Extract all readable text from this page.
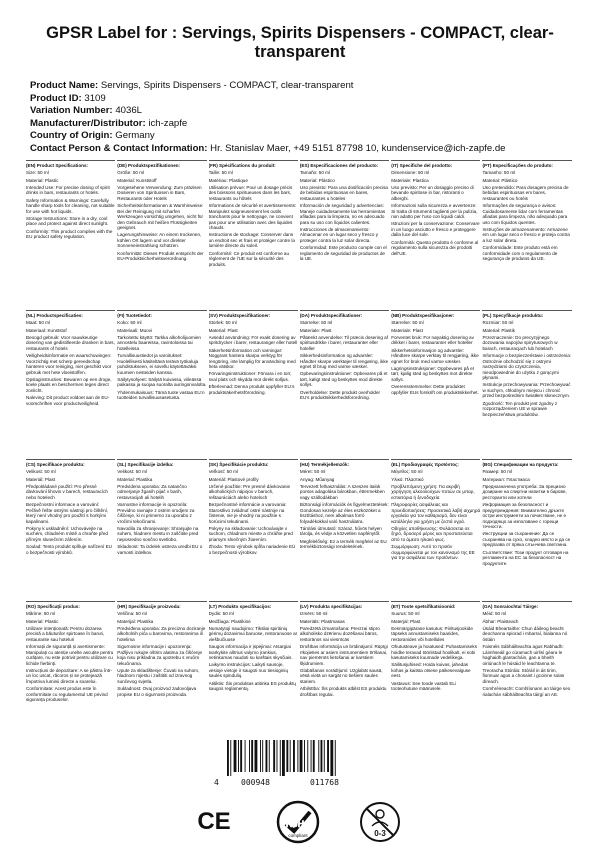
GPSR Label for : Servings, Spirits Dispensers - COMPACT, clear-transparent
Product Name: Servings, Spirits Dispensers - COMPACT, clear-transparent
Product ID: 3109
Variation Number: 4036L
Manufacturer/Distributor: ich-zapfe
Country of Origin: Germany
Contact Person & Contact Information: Hr. Stanislav Maer, +49 5151 87798 10, kundenservice@ich-zapfe.de

(EN) Product Specifications:

Size: 50 ml

Material: Plastic

Intended Use: For precise dosing of spirit drinks in bars, restaurants or hotels.

Safety Information & Warnings: Carefully handle sharp tools for cleaning, not suitable for use with hot liquids.

Storage Instructions: Store in a dry, cool place and protect against direct sunlight.

Conformity: This product complies with the EU product safety regulation.

(DE) Produktspezifikationen:

Größe: 50 ml

Material: Kunststoff

Vorgesehene Verwendung: Zum präzisen Dosieren von Spirituosen in Bars, Restaurants oder Hotels

Sicherheitsinformationen & Warnhinweise: Bei der Reinigung mit scharfen Werkzeugen vorsichtig umgehen, nicht für den Gebrauch mit heißen Flüssigkeiten geeignet.

Lagerungshinweise: An einem trockenen, kühlen Ort lagern und vor direkter Sonneneinstrahlung schützen.

Konformität: Dieses Produkt entspricht der EU-Produktsicherheitsverordnung.

(FR) Spécifications du produit:

Taille: 50 ml

Matériau: Plastique

Utilisation prévue: Pour un dosage précis des boissons spiritueuses dans les bars, restaurants ou hôtels

Informations de sécurité et avertissements: Manipulez soigneusement les outils tranchants pour le nettoyage, ne convient pas pour une utilisation avec des liquides chauds.

Instructions de stockage: Conserver dans un endroit sec et frais et protéger contre la lumière directe du soleil.

Conformité: Ce produit est conforme au règlement de l'UE sur la sécurité des produits.

(ES) Especificaciones del producto:

Tamaño: 50 ml

Material: Plástico

Uso previsto: Para una dosificación precisa de bebidas espirituosas en bares, restaurantes u hoteles

Información de seguridad y advertencias: Maneje cuidadosamente las herramientas afiladas para la limpieza, no es adecuado para su uso con líquidos calientes.

Instrucciones de almacenamiento: Almacenar en un lugar seco y fresco y proteger contra la luz solar directa.

Conformidad: Este producto cumple con el reglamento de seguridad de productos de la UE.

(IT) Specifiche del prodotto:

Dimensione: 50 ml

Materiale: Plastica

Uso previsto: Per un dosaggio preciso di bevande spiritose in bar, ristoranti o alberghi.

Informazioni sulla sicurezza e avvertenze: Si tratta di strumenti taglienti per la pulizia, non adatto per l'uso con liquidi caldi.

Istruzioni per la conservazione: Conservare in un luogo asciutto e fresco e proteggere dalla luce del sole.

Conformità: Questo prodotto è conforme al regolamento sulla sicurezza dei prodotti dell'UE.

(PT) Especificações do produto:

Tamanho: 50 ml

Material: Plástico

Uso pretendido: Para dosagem precisa de bebidas espirituosas em bares, restaurantes ou hotéis

Informações de segurança e avisos: Cuidadosamente lidar com ferramentas afiadas para limpeza, não adequado para uso com líquidos quentes.

Instruções de armazenamento: Armazene em um lugar seco e fresco e proteja contra a luz solar direta.

Conformidade: Este produto está em conformidade com o regulamento de segurança de produtos da UE.

(NL) Productspecificaties:

Maat: 50 ml

Materiaal: Kunststof

Beoogd gebruik: Voor nauwkeurige dosering van gedistilleerde dranken in bars, restaurants of hotels

Veiligheidsinformatie en waarschuwingen: Voorzichtig met scherp gereedschap hanteren voor reiniging, niet geschikt voor gebruik met hete vloeistoffen.

Opslaginstructies: Bewaren op een droge, koele plaats en beschermen tegen direct zonlicht.

Naleving: Dit product voldoet aan de EU-voorschriften voor productveiligheid.

(FI) Tuotetiedot:

Koko: 50 ml

Materiaali: Muovi

Tarkoitettu käyttö: Tarkka alkoholijuomien annostelu baareissa, ravintoloissa tai hotelleissa

Turvallisuustiedot ja varoitukset: Huolellisesti käsiteltävä terävä työkaluja puhdistukseen, ei sovellu käytettäväksi kuumien nesteiden kanssa.

Säilytysohjeet: Säilytä kuivassa, viileässä paikassa ja suojaa suoralta auringonvalolta.

Yhdenmukaisuus: Tämä tuote vastaa EU:n tuotteiden turvallisuusasetusta.

(SV) Produktspecifikationer:

Storlek: 50 ml

Material: Plast

Avsedd användning: För exakt dosering av spritdrycker i barer, restauranger eller hotell

Säkerhetsinformation och varningar: Noggrant hantera skarpa verktyg för rengöring, inte lämplig för användning med heta vätskor.

Förvaringsinstruktioner: Förvara i en torr, sval plats och skydda mot direkt solljus.

Efterlevnad: Denna produkt uppfyller EU:s produktsäkerhetsförordning.

(DA) Produktspecifikationer:

Størrelse: 50 ml

Materiale: Plast

Påtænkt anvendelse: Til præcis dosering af spiritusdrikke i barer, restauranter eller hoteller

Sikkerhedsinformation og advarsler: Håndter skarpe værktøjer til rengøring, ikke egnet til brug med varme væsker.

Opbevaringsinstruktioner: Opbevares på et tørt, køligt sted og beskyttes mod direkte sollys.

Overholdelse: Dette produkt overholder EU's produktsikkerhedsforordning.

(NB) Produktspesifikasjoner:

Størrelse: 50 ml

Materiale: Plast

Forventet bruk: For nøyaktig dosering av drikker i barer, restauranter eller hoteller

Sikkerhetsinformasjon og advarsler: Håndtere skarpe verktøy til rengjøring, ikke egnet for bruk med varme væsker.

Lagringsinstruksjoner: Oppbevares på et tørt, kjølig sted og beskyttes mot direkte sollys.

Overensstemmelse: Dette produktet oppfyller EUs forskrift om produktsikkerhet.

(PL) Specyfikacje produktu:

Rozmiar: 50 ml

Materiał: Plastik

Przeznaczenie: Do precyzyjnego dozowania napojów spirytusowych w barach, restauracjach lub hotelach

Informacje o bezpieczeństwie i ostrzeżenia: Ostrożnie obchodzić się z ostrymi narzędziami do czyszczenia, nieodpowiednie do użytku z gorącymi płynami.

Instrukcje przechowywania: Przechowywać w suchym, chłodnym miejscu i chronić przed bezpośrednim światłem słonecznym.

Zgodność: Ten produkt jest zgodny z rozporządzeniem UE w sprawie bezpieczeństwa produktów.

(CS) Specifikace produktu:

Velikost: 50 ml

Materiál: Plast

Předpokládané použití: Pro přesné dávkování lihovin v barech, restauracích nebo hotelech

Bezpečnostní informace a varování: Pečlivě řešte ostrými nástroji pro čištění, který není vhodný pro použití s horkými kapalinami.

Pokyny k uskladnění: Uchovávejte na suchém, chladném místě a chraňte před přímým slunečním zářením.

Soulad: Tento produkt splňuje nařízení EU o bezpečnosti výrobků.

(SL) Specifikacije izdelka:

Velikost: 50 ml

Material: Plastika

Predvidena uporaba: Za natančno odmerjanje žganih pijač v barih, restavracijah ali hotelih

Varnostne informacije in opozorila: Previdno ravnajte z ostrim orodjem za čiščenje, ki ni primerno za uporabo z vročimi tekočinami.

Navodila za shranjevanje: Shranjujte na suhem, hladnem mestu in zaščitite pred neposredno sončno svetlobo.

Skladnost: Ta izdelek ustreza uredbi EU o varnosti izdelkov.

(SK) Špecifikácie produktu:

Veľkosť: 50 ml

Materiál: Plastové profily

Určené použitie: Pre presné dávkovanie alkoholických nápojov v baroch, reštauráciách alebo hoteloch

Bezpečnostné informácie a varovania: Starostlivo zvládnuť ostré nástroje na čistenie, nie je vhodný na použitie s horúcimi tekutinami.

Pokyny na skladovanie: Uchovávajte v suchom, chladnom mieste a chráňte pred priamym slnečným žiarením.

Zhoda: Tento výrobok spĺňa nariadenie EÚ o bezpečnosti výrobkov.

(HU) Termékjellemzők:

Méret: 50 ml

Anyag: Műanyag

Tervezett felhasználás: A szeszes italok pontos adagolása bárokban, éttermekben vagy szállodákban

Biztonsági információk és figyelmeztetések: Gondosan kezelje az éles eszközöket a tisztításhoz, nem alkalmas forró folyadékokkal való használatra.

Tárolási útmutató: Száraz, hűvös helyen tárolja, és védje a közvetlen napfénytől.

Megfelelőség: Ez a termék megfelel az EU termékbiztonsági rendeletének.

(EL) Προδιαγραφές προϊόντος:

Μέγεθος: 50 ml

Υλικό: Πλαστικό

Προβλεπόμενη χρήση: Για ακριβή χορήγηση αλκοολούχων ποτών σε μπαρ, εστιατόρια ή ξενοδοχεία

Πληροφορίες ασφάλειας και προειδοποιήσεις: Προσεκτικά λαβή αιχμηρά εργαλεία για τον καθαρισμό, δεν είναι κατάλληλο για χρήση με ζεστά υγρά.

Οδηγίες αποθήκευσης: Φυλάσσεται σε ξηρό, δροσερό μέρος και προστατεύεται από το άμεσο ηλιακό φως.

Συμμόρφωση: Αυτό το προϊόν συμμορφώνεται με τον κανονισμό της ΕΕ για την ασφάλεια των προϊόντων.

(BG) Спецификации на продукта:

Размер: 50 ml

Материал: Пластмаса

Предназначена употреба: За прецизно дозиране на спиртни напитки в барове, ресторанти или хотели

Информация за безопасност и предупреждения: Внимателно дръжте остри инструменти за почистване, не е подходящо за използване с горещи течности.

Инструкции за съхранение: Да се съхранява на сухо, хладно място и да се предпазва от пряка слънчева светлина.

Съответствие: Този продукт отговаря на регламента на ЕС за безопасност на продуктите.

(RO) Specificații produs:

Mărime: 50 ml

Material: Plastic

Utilizare intenționată: Pentru dozarea precisă a băuturilor spirtoase în baruri, restaurante sau hoteluri

Informații de siguranță și avertismente: Manipulați cu atenție unelte ascuțite pentru curățare, nu este potrivit pentru utilizare cu lichide fierbinți.

Instrucțiuni de depozitare: A se păstra într-un loc uscat, răcoros și se protejează împotriva luminii directe a soarelui.

Conformitate: Acest produs este în conformitate cu regulamentul UE privind siguranța produselor.

(HR) Specifikacije proizvoda:

Veličina: 50 ml

Materijal: Plastika

Predviđena uporaba: Za precizno doziranje alkoholnih pića u barovima, restoranima ili hotelima

Sigurnosne informacije i upozorenja: Pažljivo rukujte oštrim alatima za čišćenje koja nisu prikladna za upotrebu s vrućim tekućinama.

Upute za skladištenje: Čuvati na suhom, hladnom mjestu i zaštititi od izravnog sunčevog svjetla.

Sukladnost: Ovaj proizvod zadovoljava propise EU o sigurnosti proizvoda.

(LT) Produkto specifikacijos:

Dydis: 50 ml

Medžiaga: Plastikinė

Numatytoji naudojimo: Tiksliai spiritinių gėrimų dozavimui baruose, restoranuose ar viešbučiuose

Saugos informacija ir įspėjimai: Atsargiai tvarkykite aštrius valymo įrankius, netinkamas naudoti su karštais skysčiais.

Laikymo instrukcijos: Laikyti sausoje, vėsioje vietoje ir saugoti nuo tiesioginių saulės spindulių.

Atitiktis: Šis produktas atitinka ES produktų saugos reglamentą.

(LV) Produkta specifikācijas:

Izmērs: 50 ml

Materiāls: Plastmasas

Paredzētā izmantošana: Precīzai stipro alkoholisko dzērienu dozēšanai bāros, restorānos vai viesnīcās

Drošības informācija un brīdinājumi: Rūpīgi rīkojieties ar asiem instrumentiem tīrīšanai, nav piemērots lietošanai ar karstiem šķidrumiem.

Glabāšanas norādījumi: Uzglabāt sausā, vēsā vietā un sargāt no tiešiem saules stariem.

Atbilstība: Šis produkts atbilst ES produktu drošības regulai.

(ET) Toote spetsifikatsioonid:

Suurus: 50 ml

Materjal: Plast

Eesmärgipärane kasutus: Piiritusjookide täpseks annustamiseks baarides, restoranides või hotellides

Ohutusteave ja hoiatused: Puhastamiseks hoidke teravad tööriistad hoolikalt, ei sobi kasutamiseks kuumade vedelikega.

Säilitusjuhised: Hoida kuivas, jahedas kohas ja kaitsta otsese päikesevalguse eest.

Vastavus: See toode vastab ELi tooteohutuse määrusele.

(GA) Sonraíochtaí Táirge:

Méid: 50 ml

Ábhar: Plaisteach

Úsáid Bheartaithe: Chun dáileog beacht deochanna spiorad i mbarraí, bialanna nó óstáin

Faisnéis Sábháilteachta agus Rabhadh: Láimhseáil go cúramach uirlisí géara le haghaidh glantacháin, gan a bheith oiriúnach le húsáid le leachtanna te.

Treoracha Stórála: Stóráil in áit tirim, fionnuar agus a chosaint i gcoinne solas díreach.

Comhréireacht: Comhlíonann an táirge seo rialachán sábháilteachta táirgí an AE.

4	000948	011768
CE	RoHS
compliant	0-3
